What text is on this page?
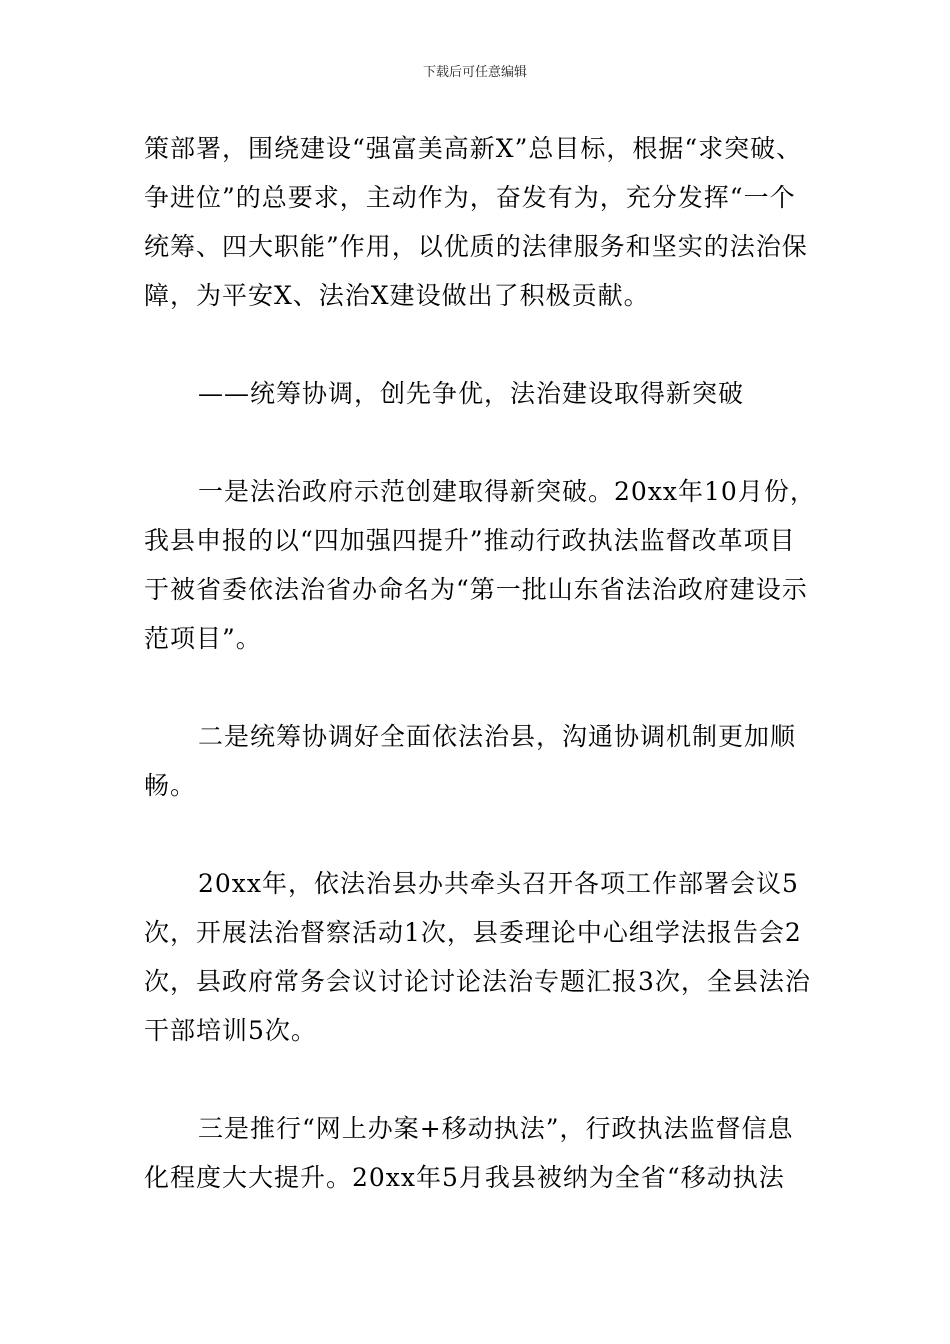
下载后可任意编辑

策部署，围绕建设“强富美高新X”总目标，根据“求突破、争进位”的总要求，主动作为，奋发有为，充分发挥“一个统筹、四大职能”作用，以优质的法律服务和坚实的法治保障，为平安X、法治X建设做出了积极贡献。

——统筹协调，创先争优，法治建设取得新突破

一是法治政府示范创建取得新突破。20xx年10月份，我县申报的以“四加强四提升”推动行政执法监督改革项目于被省委依法治省办命名为“第一批山东省法治政府建设示范项目”。

二是统筹协调好全面依法治县，沟通协调机制更加顺畅。

20xx年，依法治县办共牵头召开各项工作部署会议5次，开展法治督察活动1次，县委理论中心组学法报告会2次，县政府常务会议讨论讨论法治专题汇报3次，全县法治干部培训5次。

三是推行“网上办案+移动执法”，行政执法监督信息化程度大大提升。20xx年5月我县被纳为全省“移动执法
